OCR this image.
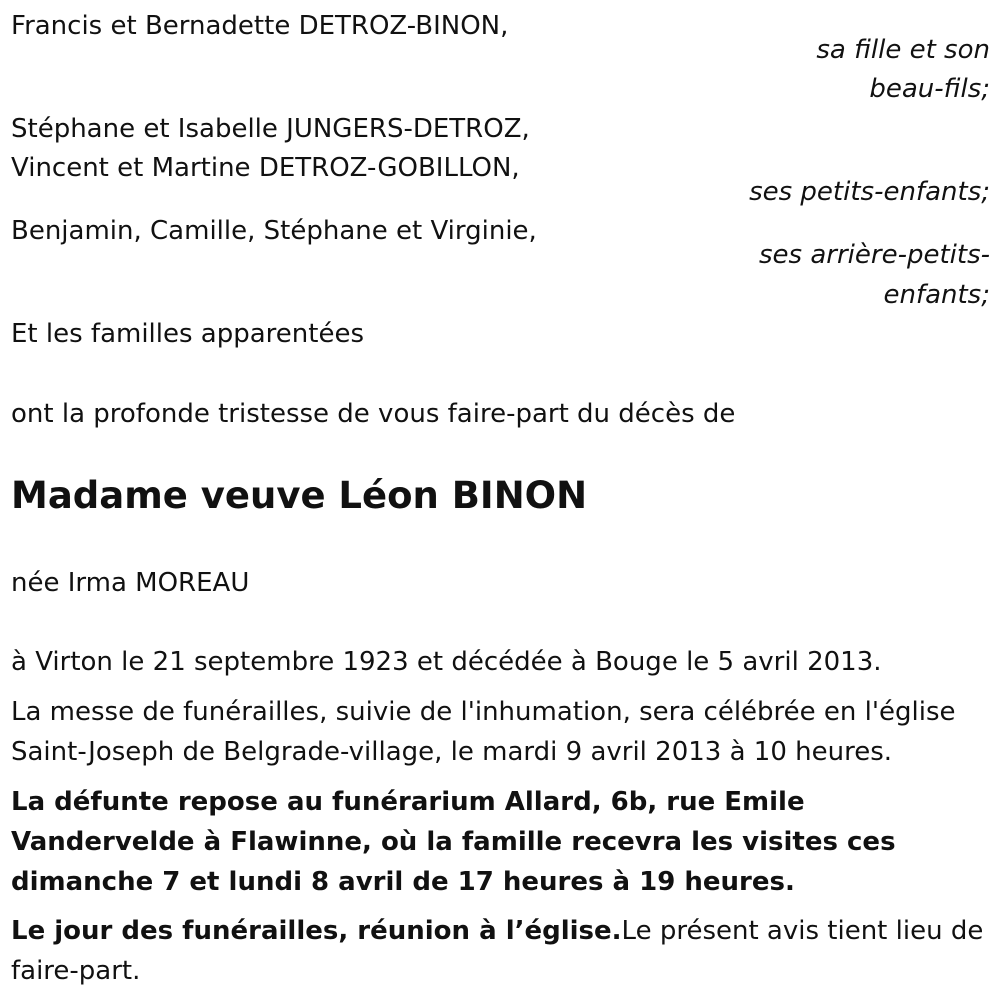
Francis et Bernadette DETROZ-BINON,
sa fille et son
beau-fils;
Stéphane et Isabelle JUNGERS-DETROZ,
Vincent et Martine DETROZ-GOBILLON,
ses petits-enfants;
Benjamin, Camille, Stéphane et Virginie,
ses arrière-petits-
enfants;
Et les familles apparentées
ont la profonde tristesse de vous faire-part du décès de
Madame veuve Léon BINON
née Irma MOREAU
à Virton le 21 septembre 1923 et décédée à Bouge le 5 avril 2013.
La messe de funérailles, suivie de l'inhumation, sera célébrée en l'église Saint-Joseph de Belgrade-village, le mardi 9 avril 2013 à 10 heures.
La défunte repose au funérarium Allard, 6b, rue Emile Vandervelde à Flawinne, où la famille recevra les visites ces dimanche 7 et lundi 8 avril de 17 heures à 19 heures.
Le jour des funérailles, réunion à l’église.Le présent avis tient lieu de faire-part.
